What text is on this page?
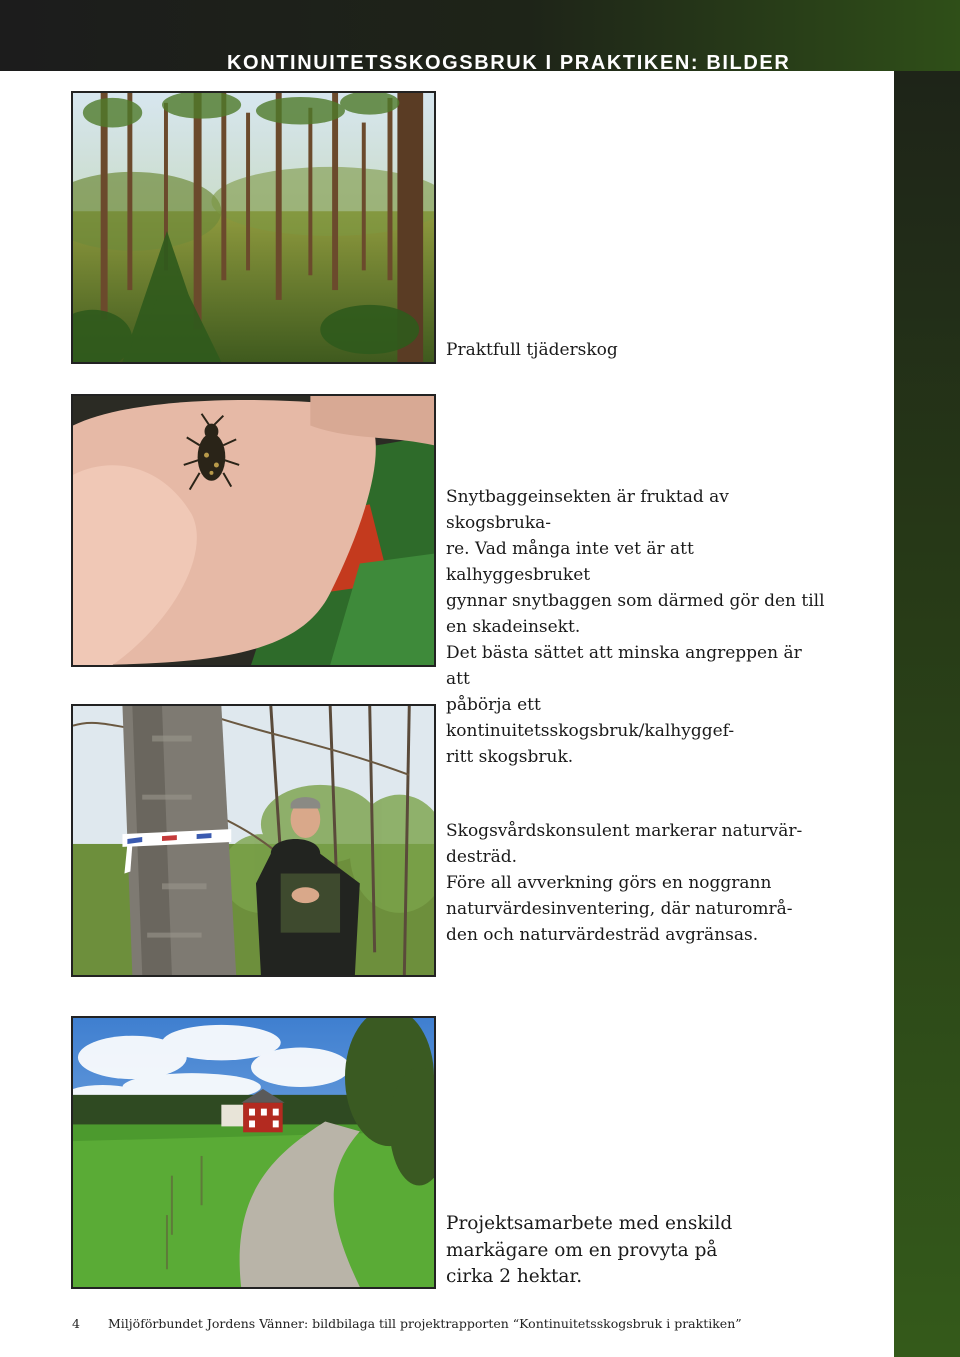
KONTINUITETSSKOGSBRUK I PRAKTIKEN: BILDER
Praktfull tjäderskog
Snytbaggeinsekten är fruktad av skogsbruka-
re. Vad många inte vet är att kalhyggesbruket
gynnar snytbaggen som därmed gör den till
en skadeinsekt.
Det bästa sättet att minska angreppen är att
påbörja ett kontinuitetsskogsbruk/kalhyggef-
ritt skogsbruk.
Skogsvårdskonsulent markerar naturvär-
desträd.
Före all avverkning görs en noggrann
naturvärdesinventering, där naturområ-
den och naturvärdesträd avgränsas.
Projektsamarbete med enskild
markägare om en provyta på
cirka 2 hektar.
4 Miljöförbundet Jordens Vänner: bildbilaga till projektrapporten “Kontinuitetsskogsbruk i praktiken”
